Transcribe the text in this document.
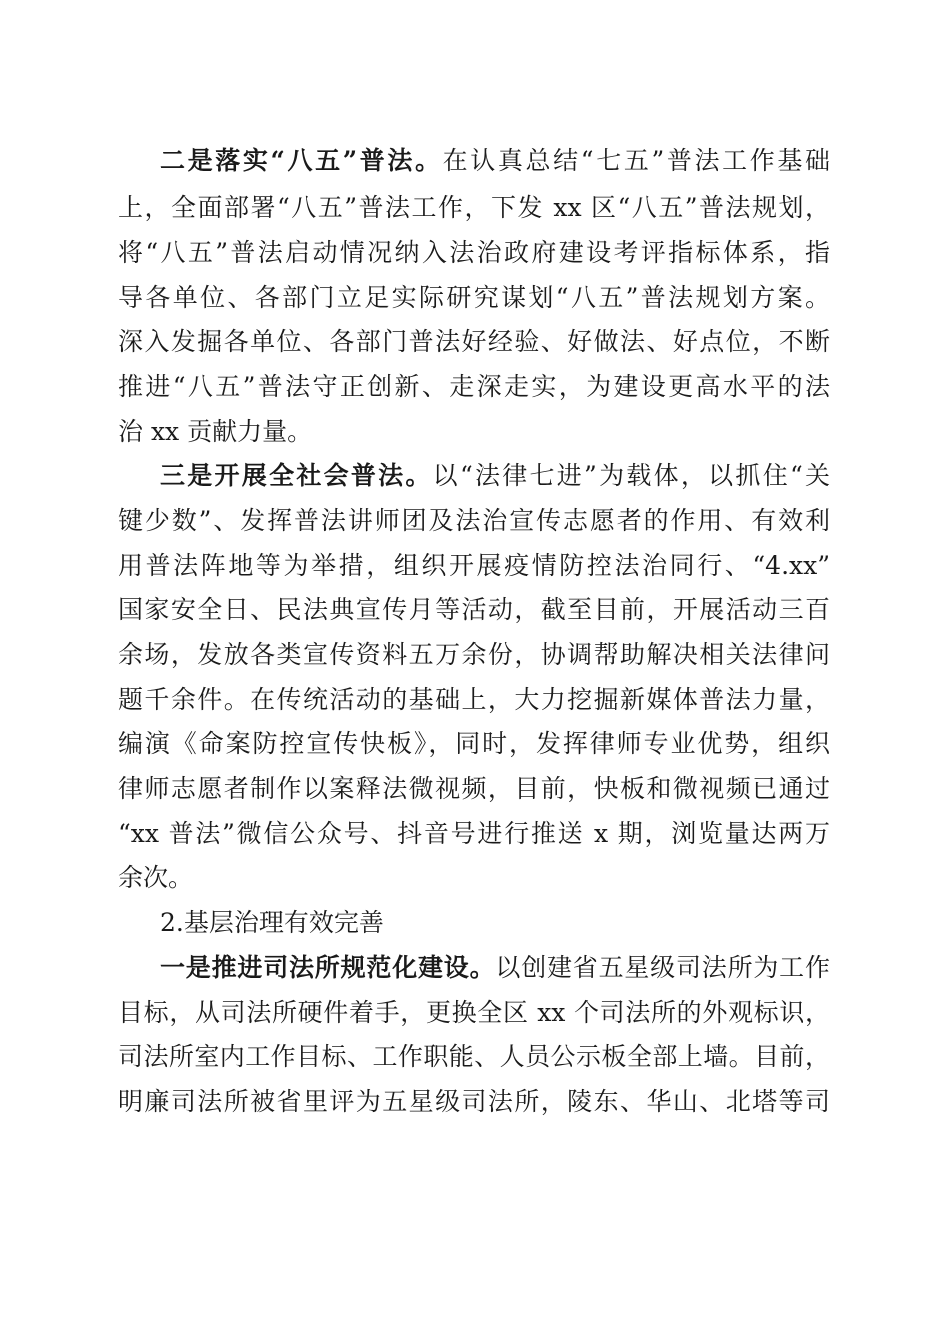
二是落实“八五”普法。在认真总结“七五”普法工作基础

上，全面部署“八五”普法工作，下发 xx 区“八五”普法规划，

将“八五”普法启动情况纳入法治政府建设考评指标体系，指

导各单位、各部门立足实际研究谋划“八五”普法规划方案。

深入发掘各单位、各部门普法好经验、好做法、好点位，不断

推进“八五”普法守正创新、走深走实，为建设更高水平的法

治 xx 贡献力量。

三是开展全社会普法。以“法律七进”为载体，以抓住“关

键少数”、发挥普法讲师团及法治宣传志愿者的作用、有效利

用普法阵地等为举措，组织开展疫情防控法治同行、“4.xx”

国家安全日、民法典宣传月等活动，截至目前，开展活动三百

余场，发放各类宣传资料五万余份，协调帮助解决相关法律问

题千余件。在传统活动的基础上，大力挖掘新媒体普法力量，

编演《命案防控宣传快板》，同时，发挥律师专业优势，组织

律师志愿者制作以案释法微视频，目前，快板和微视频已通过

“xx 普法”微信公众号、抖音号进行推送 x 期，浏览量达两万

余次。

2.基层治理有效完善

一是推进司法所规范化建设。以创建省五星级司法所为工作

目标，从司法所硬件着手，更换全区 xx 个司法所的外观标识，

司法所室内工作目标、工作职能、人员公示板全部上墙。目前，

明廉司法所被省里评为五星级司法所，陵东、华山、北塔等司
